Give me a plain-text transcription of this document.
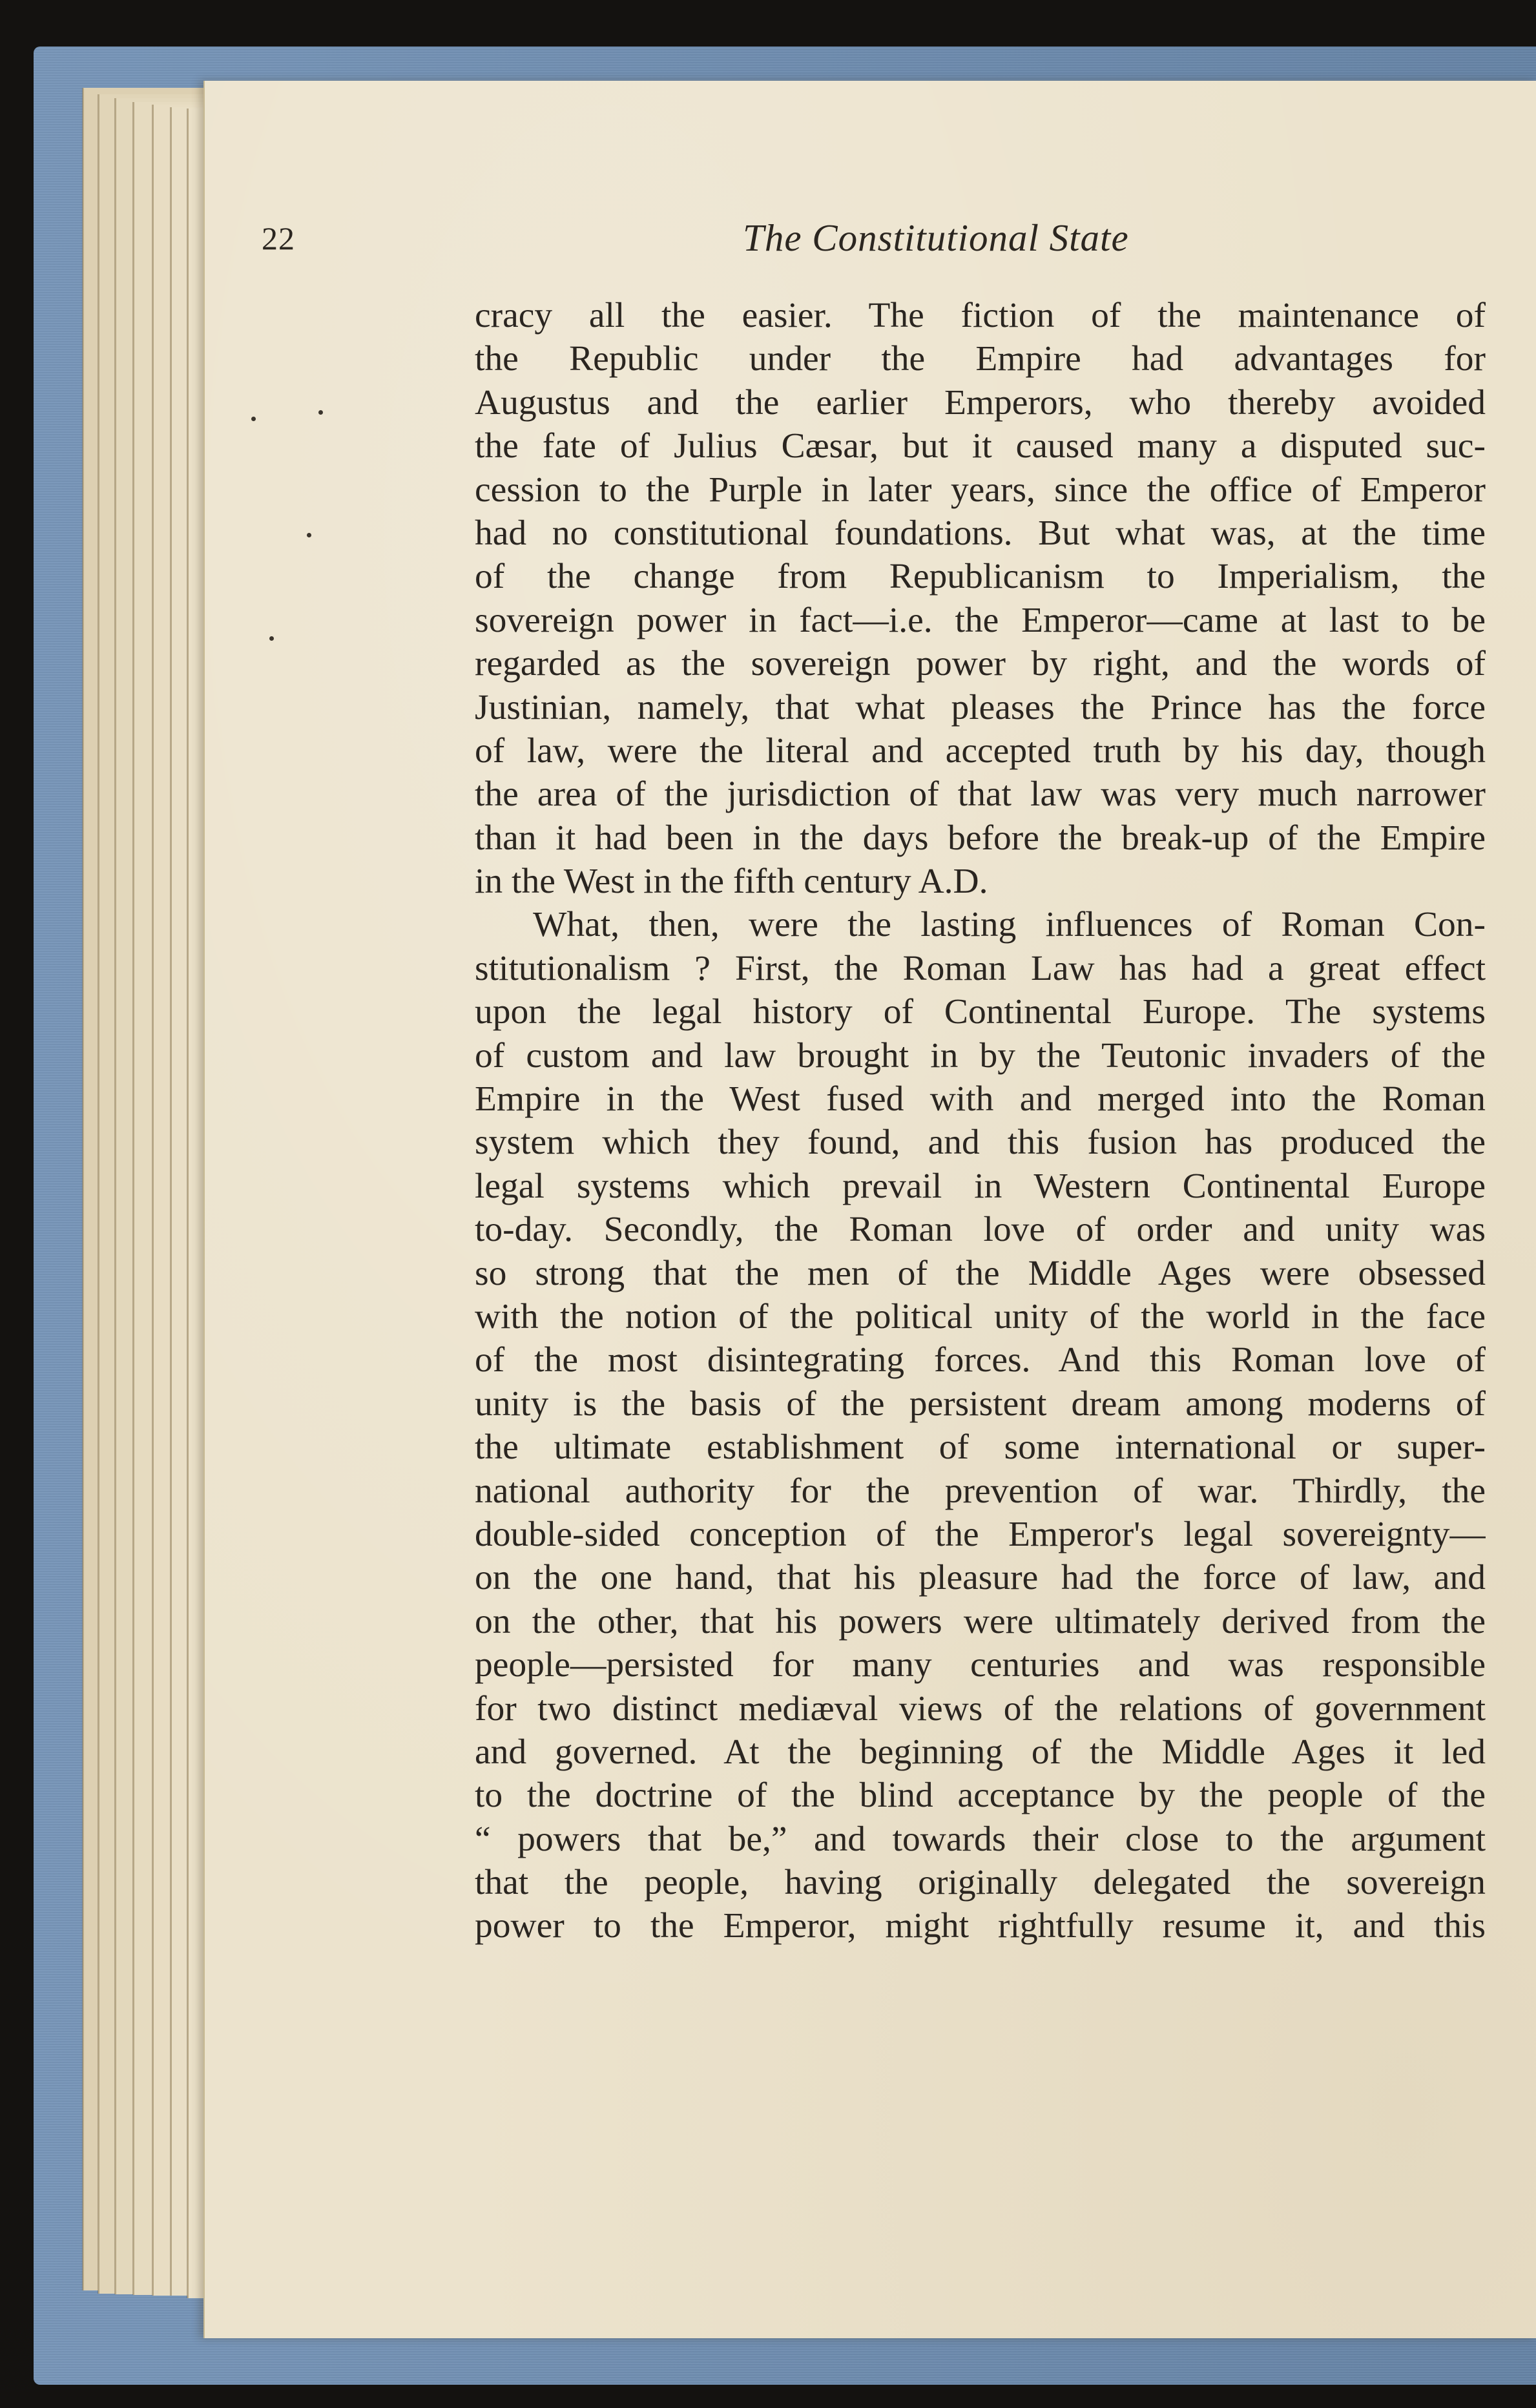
22	The Constitutional State
cracy all the easier. The fiction of the maintenance of
the Republic under the Empire had advantages for
Augustus and the earlier Emperors, who thereby avoided
the fate of Julius Cæsar, but it caused many a disputed suc-
cession to the Purple in later years, since the office of Emperor
had no constitutional foundations. But what was, at the time
of the change from Republicanism to Imperialism, the
sovereign power in fact—i.e. the Emperor—came at last to be
regarded as the sovereign power by right, and the words of
Justinian, namely, that what pleases the Prince has the force
of law, were the literal and accepted truth by his day, though
the area of the jurisdiction of that law was very much narrower
than it had been in the days before the break-up of the Empire
in the West in the fifth century A.D.
What, then, were the lasting influences of Roman Con-
stitutionalism ? First, the Roman Law has had a great effect
upon the legal history of Continental Europe. The systems
of custom and law brought in by the Teutonic invaders of the
Empire in the West fused with and merged into the Roman
system which they found, and this fusion has produced the
legal systems which prevail in Western Continental Europe
to-day. Secondly, the Roman love of order and unity was
so strong that the men of the Middle Ages were obsessed
with the notion of the political unity of the world in the face
of the most disintegrating forces. And this Roman love of
unity is the basis of the persistent dream among moderns of
the ultimate establishment of some international or super-
national authority for the prevention of war. Thirdly, the
double-sided conception of the Emperor's legal sovereignty—
on the one hand, that his pleasure had the force of law, and
on the other, that his powers were ultimately derived from the
people—persisted for many centuries and was responsible
for two distinct mediæval views of the relations of government
and governed. At the beginning of the Middle Ages it led
to the doctrine of the blind acceptance by the people of the
“ powers that be,” and towards their close to the argument
that the people, having originally delegated the sovereign
power to the Emperor, might rightfully resume it, and this
